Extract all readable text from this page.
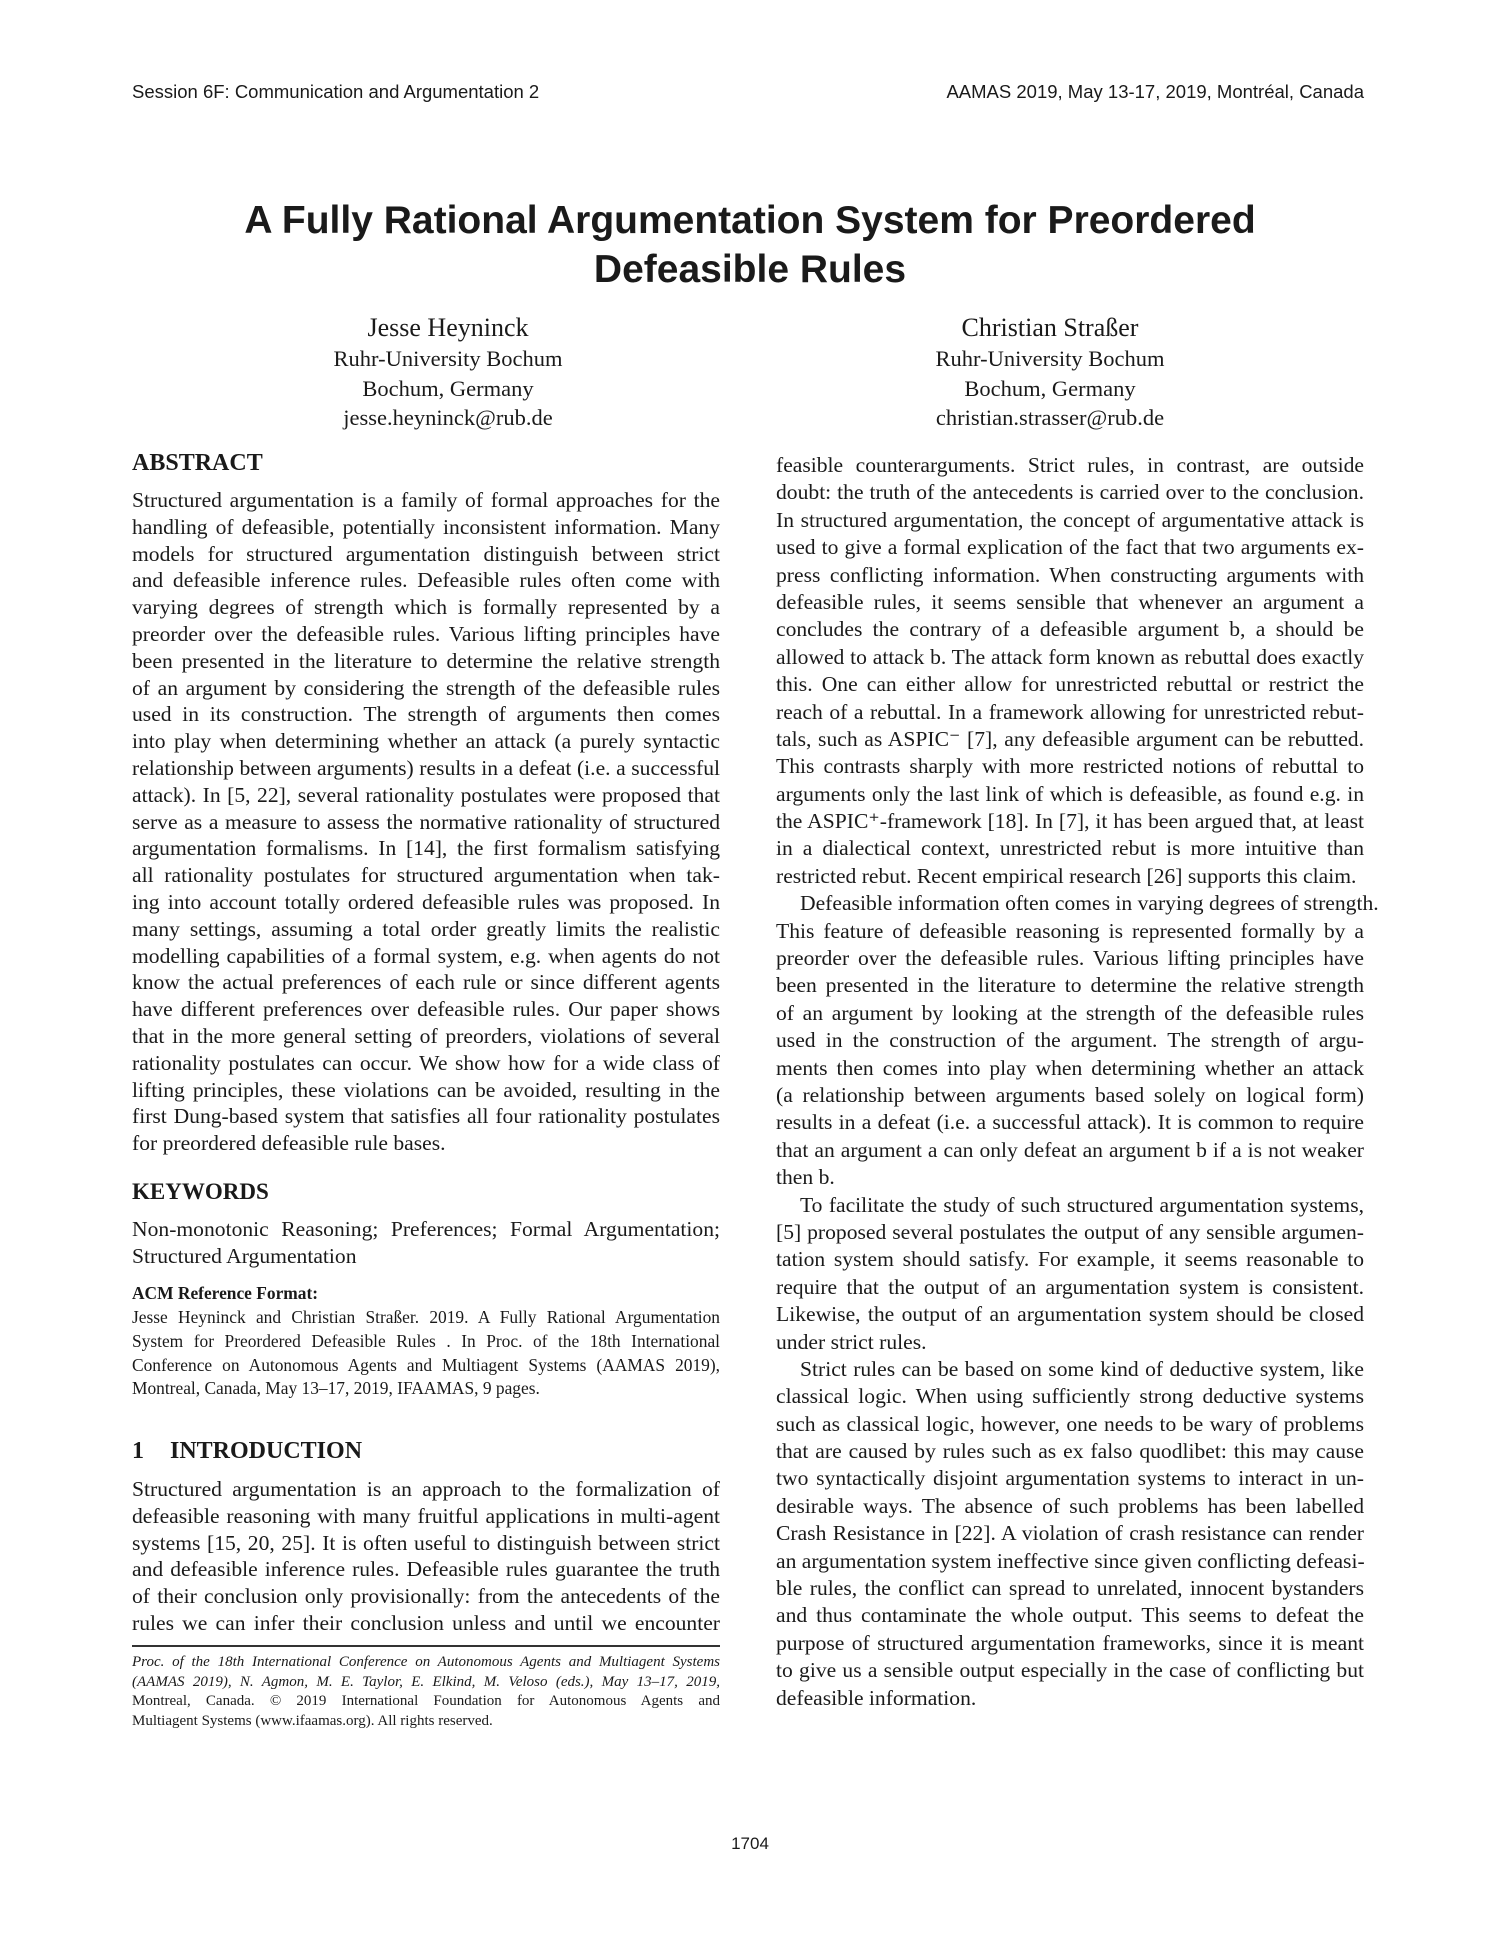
Session 6F: Communication and Argumentation 2	AAMAS 2019, May 13-17, 2019, Montréal, Canada
A Fully Rational Argumentation System for Preordered
Defeasible Rules
Jesse Heyninck
Ruhr-University Bochum
Bochum, Germany
jesse.heyninck@rub.de
Christian Straßer
Ruhr-University Bochum
Bochum, Germany
christian.strasser@rub.de
ABSTRACT
Structured argumentation is a family of formal approaches for the
handling of defeasible, potentially inconsistent information. Many
models for structured argumentation distinguish between strict
and defeasible inference rules. Defeasible rules often come with
varying degrees of strength which is formally represented by a
preorder over the defeasible rules. Various lifting principles have
been presented in the literature to determine the relative strength
of an argument by considering the strength of the defeasible rules
used in its construction. The strength of arguments then comes
into play when determining whether an attack (a purely syntactic
relationship between arguments) results in a defeat (i.e. a successful
attack). In [5, 22], several rationality postulates were proposed that
serve as a measure to assess the normative rationality of structured
argumentation formalisms. In [14], the first formalism satisfying
all rationality postulates for structured argumentation when tak-
ing into account totally ordered defeasible rules was proposed. In
many settings, assuming a total order greatly limits the realistic
modelling capabilities of a formal system, e.g. when agents do not
know the actual preferences of each rule or since different agents
have different preferences over defeasible rules. Our paper shows
that in the more general setting of preorders, violations of several
rationality postulates can occur. We show how for a wide class of
lifting principles, these violations can be avoided, resulting in the
first Dung-based system that satisfies all four rationality postulates
for preordered defeasible rule bases.
KEYWORDS
Non-monotonic Reasoning; Preferences; Formal Argumentation;
Structured Argumentation
ACM Reference Format:
Jesse Heyninck and Christian Straßer. 2019. A Fully Rational Argumentation
System for Preordered Defeasible Rules . In Proc. of the 18th International
Conference on Autonomous Agents and Multiagent Systems (AAMAS 2019),
Montreal, Canada, May 13–17, 2019, IFAAMAS, 9 pages.
1 INTRODUCTION
Structured argumentation is an approach to the formalization of
defeasible reasoning with many fruitful applications in multi-agent
systems [15, 20, 25]. It is often useful to distinguish between strict
and defeasible inference rules. Defeasible rules guarantee the truth
of their conclusion only provisionally: from the antecedents of the
rules we can infer their conclusion unless and until we encounter
Proc. of the 18th International Conference on Autonomous Agents and Multiagent Systems
(AAMAS 2019), N. Agmon, M. E. Taylor, E. Elkind, M. Veloso (eds.), May 13–17, 2019,
Montreal, Canada. © 2019 International Foundation for Autonomous Agents and
Multiagent Systems (www.ifaamas.org). All rights reserved.
feasible counterarguments. Strict rules, in contrast, are outside
doubt: the truth of the antecedents is carried over to the conclusion.
In structured argumentation, the concept of argumentative attack is
used to give a formal explication of the fact that two arguments ex-
press conflicting information. When constructing arguments with
defeasible rules, it seems sensible that whenever an argument a
concludes the contrary of a defeasible argument b, a should be
allowed to attack b. The attack form known as rebuttal does exactly
this. One can either allow for unrestricted rebuttal or restrict the
reach of a rebuttal. In a framework allowing for unrestricted rebut-
tals, such as ASPIC⁻ [7], any defeasible argument can be rebutted.
This contrasts sharply with more restricted notions of rebuttal to
arguments only the last link of which is defeasible, as found e.g. in
the ASPIC⁺-framework [18]. In [7], it has been argued that, at least
in a dialectical context, unrestricted rebut is more intuitive than
restricted rebut. Recent empirical research [26] supports this claim.
Defeasible information often comes in varying degrees of strength.
This feature of defeasible reasoning is represented formally by a
preorder over the defeasible rules. Various lifting principles have
been presented in the literature to determine the relative strength
of an argument by looking at the strength of the defeasible rules
used in the construction of the argument. The strength of argu-
ments then comes into play when determining whether an attack
(a relationship between arguments based solely on logical form)
results in a defeat (i.e. a successful attack). It is common to require
that an argument a can only defeat an argument b if a is not weaker
then b.
To facilitate the study of such structured argumentation systems,
[5] proposed several postulates the output of any sensible argumen-
tation system should satisfy. For example, it seems reasonable to
require that the output of an argumentation system is consistent.
Likewise, the output of an argumentation system should be closed
under strict rules.
Strict rules can be based on some kind of deductive system, like
classical logic. When using sufficiently strong deductive systems
such as classical logic, however, one needs to be wary of problems
that are caused by rules such as ex falso quodlibet: this may cause
two syntactically disjoint argumentation systems to interact in un-
desirable ways. The absence of such problems has been labelled
Crash Resistance in [22]. A violation of crash resistance can render
an argumentation system ineffective since given conflicting defeasi-
ble rules, the conflict can spread to unrelated, innocent bystanders
and thus contaminate the whole output. This seems to defeat the
purpose of structured argumentation frameworks, since it is meant
to give us a sensible output especially in the case of conflicting but
defeasible information.
1704
